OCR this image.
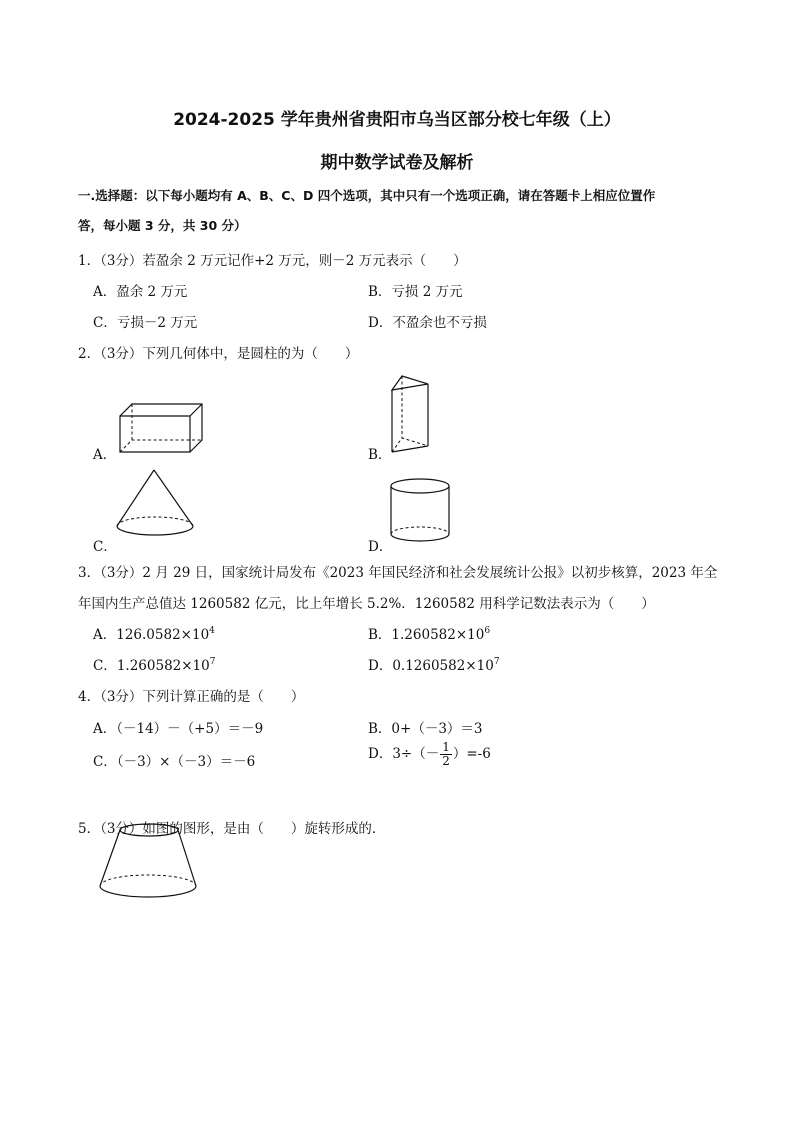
2024-2025 学年贵州省贵阳市乌当区部分校七年级（上）
期中数学试卷及解析
一.选择题：以下每小题均有 A、B、C、D 四个选项，其中只有一个选项正确，请在答题卡上相应位置作
答，每小题 3 分，共 30 分）
1．（3分）若盈余 2 万元记作+2 万元，则－2 万元表示（　　）
A．盈余 2 万元	B．亏损 2 万元
C．亏损－2 万元	D．不盈余也不亏损
2．（3分）下列几何体中，是圆柱的为（　　）
A．	B．
C．	D．
3．（3分）2 月 29 日，国家统计局发布《2023 年国民经济和社会发展统计公报》以初步核算，2023 年全
年国内生产总值达 1260582 亿元，比上年增长 5.2%．1260582 用科学记数法表示为（　　）
A．$126.0582\times 10^4$	B．$1.260582\times 10^6$
C．$1.260582\times 10^7$	D．$0.1260582\times 10^7$
4．（3分）下列计算正确的是（　　）
A．（－14）－（+5）＝－9	B．0+（－3）＝3
C．（－3）×（－3）＝－6	D．$3\div(- \frac{1}{2} )=-6$
5．（3分）如图的图形，是由（　　）旋转形成的．
